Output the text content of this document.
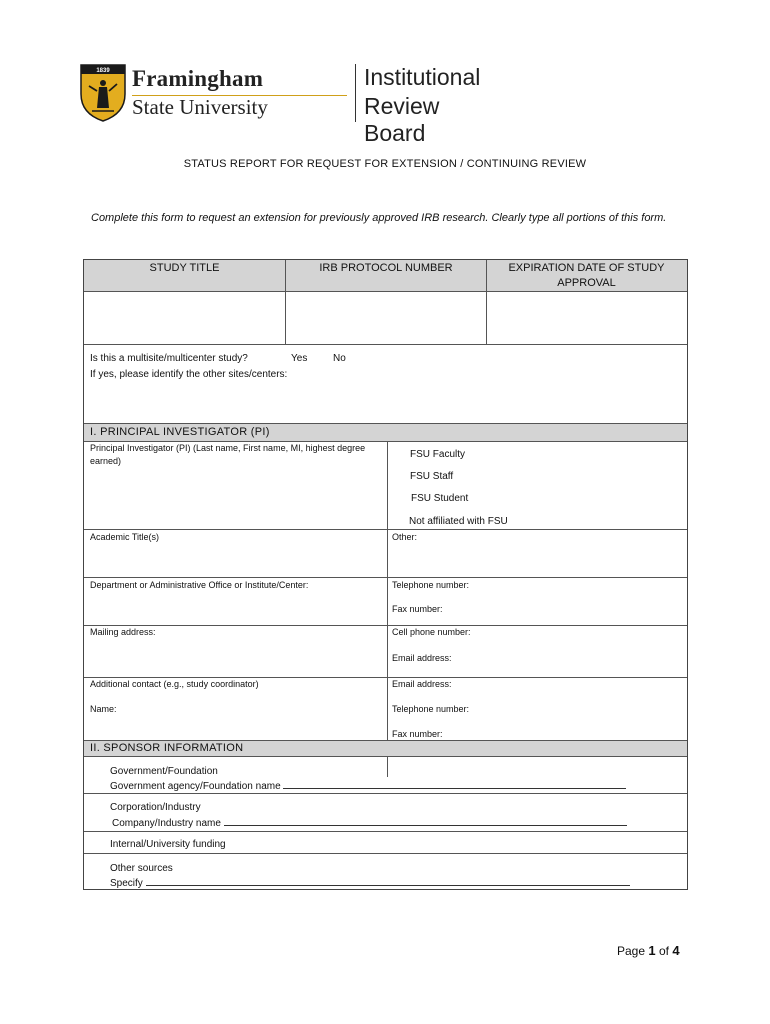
1839 Framingham
State University
Institutional
Review Board
STATUS REPORT FOR REQUEST FOR EXTENSION / CONTINUING REVIEW
Complete this form to request an extension for previously approved IRB research. Clearly type all portions of this form.
STUDY TITLE	IRB PROTOCOL NUMBER	EXPIRATION DATE OF STUDY APPROVAL
Is this a multisite/multicenter study?	Yes	No
If yes, please identify the other sites/centers:
I. PRINCIPAL INVESTIGATOR (PI)
Principal Investigator (PI) (Last name, First name, MI, highest degree earned)
FSU Faculty
FSU Staff
FSU Student
Not affiliated with FSU
Academic Title(s)	Other:
Department or Administrative Office or Institute/Center:	Telephone number:
Fax number:
Mailing address:	Cell phone number:
Email address:
Additional contact (e.g., study coordinator)	Email address:
Name:	Telephone number:
Fax number:
II. SPONSOR INFORMATION
Government/Foundation
Government agency/Foundation name
Corporation/Industry
Company/Industry name
Internal/University funding
Other sources
Specify
Page 1 of 4
